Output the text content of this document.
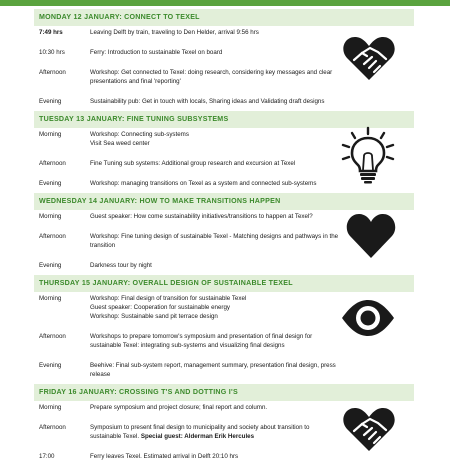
MONDAY 12 JANUARY: CONNECT TO TEXEL
7:49 hrs	Leaving Delft by train, traveling to Den Helder, arrival 9:56 hrs
10:30 hrs	Ferry: Introduction to sustainable Texel on board
Afternoon	Workshop: Get connected to Texel: doing research, considering key messages and clear presentations and final 'reporting'
Evening	Sustainability pub: Get in touch with locals, Sharing ideas and Validating draft designs
TUESDAY 13 JANUARY: FINE TUNING SUBSYSTEMS
Morning	Workshop: Connecting sub-systems
Visit Sea weed center
Afternoon	Fine Tuning sub systems: Additional group research and excursion at Texel
Evening	Workshop: managing transitions on Texel as a system and connected sub-systems
WEDNESDAY 14 JANUARY: HOW TO MAKE TRANSITIONS HAPPEN
Morning	Guest speaker: How come sustainability initiatives/transitions to happen at Texel?
Afternoon	Workshop: Fine tuning design of sustainable Texel - Matching designs and pathways in the transition
Evening	Darkness tour by night
THURSDAY 15 JANUARY: OVERALL DESIGN OF SUSTAINABLE TEXEL
Morning	Workshop: Final design of transition for sustainable Texel
Guest speaker: Cooperation for sustainable energy
Workshop: Sustainable sand pit terrace design
Afternoon	Workshops to prepare tomorrow's symposium and presentation of final design for sustainable Texel: integrating sub-systems and visualizing final designs
Evening	Beehive: Final sub-system report, management summary, presentation final design, press release
FRIDAY 16 JANUARY: CROSSING T'S AND DOTTING I'S
Morning	Prepare symposium and project closure; final report and column.
Afternoon	Symposium to present final design to municipality and society about transition to sustainable Texel. Special guest: Alderman Erik Hercules
17:00	Ferry leaves Texel. Estimated arrival in Delft 20:10 hrs
